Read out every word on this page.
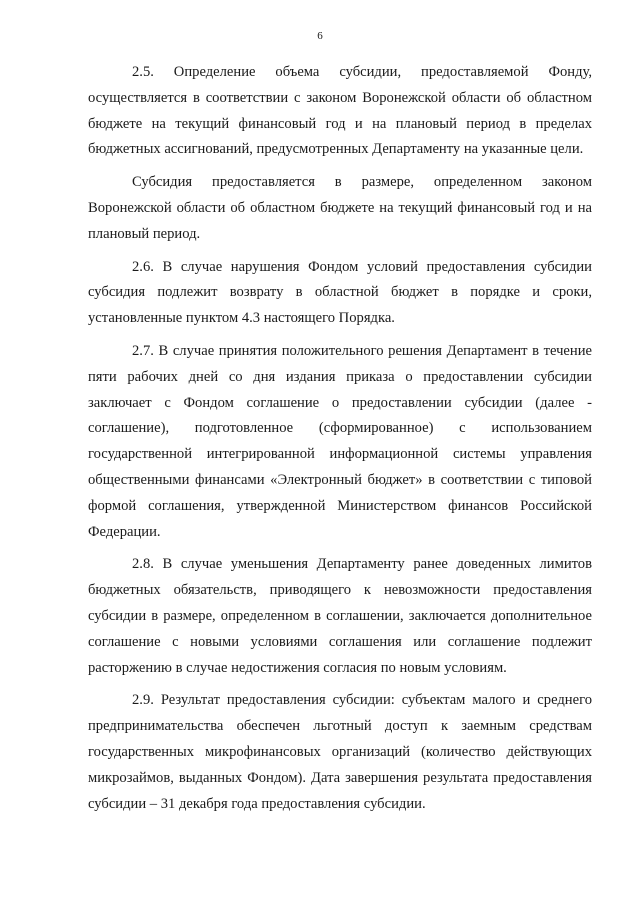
6

2.5. Определение объема субсидии, предоставляемой Фонду, осуществляется в соответствии с законом Воронежской области об областном бюджете на текущий финансовый год и на плановый период в пределах бюджетных ассигнований, предусмотренных Департаменту на указанные цели.

Субсидия предоставляется в размере, определенном законом Воронежской области об областном бюджете на текущий финансовый год и на плановый период.

2.6. В случае нарушения Фондом условий предоставления субсидии субсидия подлежит возврату в областной бюджет в порядке и сроки, установленные пунктом 4.3 настоящего Порядка.

2.7. В случае принятия положительного решения Департамент в течение пяти рабочих дней со дня издания приказа о предоставлении субсидии заключает с Фондом соглашение о предоставлении субсидии (далее - соглашение), подготовленное (сформированное) с использованием государственной интегрированной информационной системы управления общественными финансами «Электронный бюджет» в соответствии с типовой формой соглашения, утвержденной Министерством финансов Российской Федерации.

2.8. В случае уменьшения Департаменту ранее доведенных лимитов бюджетных обязательств, приводящего к невозможности предоставления субсидии в размере, определенном в соглашении, заключается дополнительное соглашение с новыми условиями соглашения или соглашение подлежит расторжению в случае недостижения согласия по новым условиям.

2.9. Результат предоставления субсидии: субъектам малого и среднего предпринимательства обеспечен льготный доступ к заемным средствам государственных микрофинансовых организаций (количество действующих микрозаймов, выданных Фондом). Дата завершения результата предоставления субсидии – 31 декабря года предоставления субсидии.
